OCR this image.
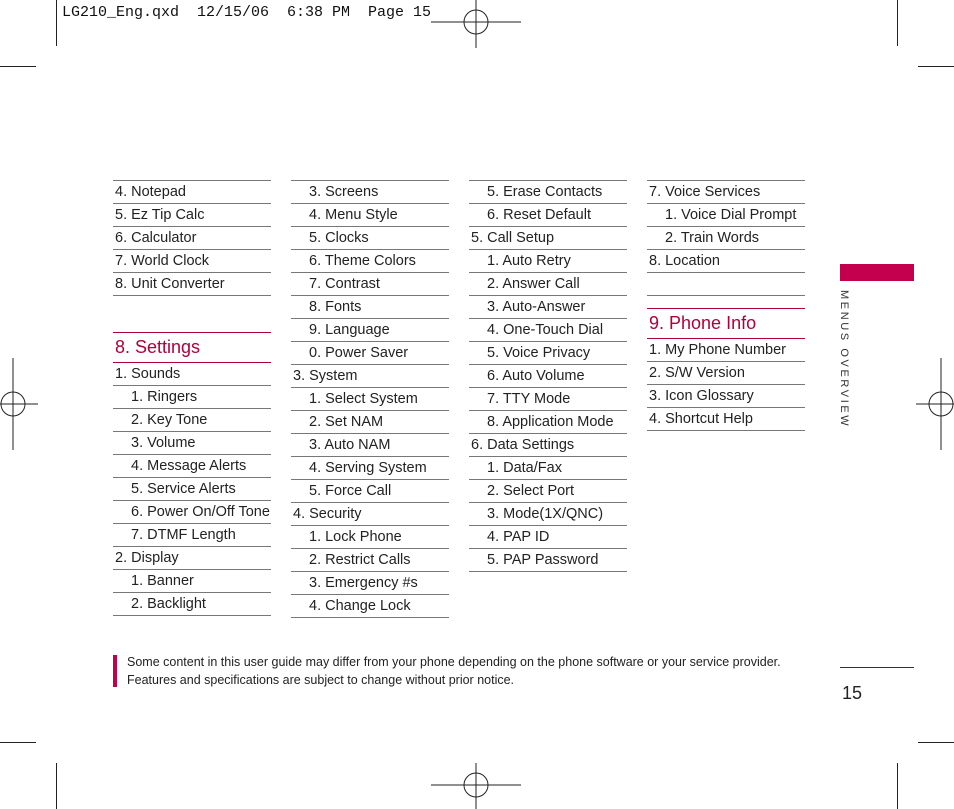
LG210_Eng.qxd  12/15/06  6:38 PM  Page 15
4. Notepad
5. Ez Tip Calc
6. Calculator
7. World Clock
8. Unit Converter
8. Settings
1. Sounds
1. Ringers
2. Key Tone
3. Volume
4. Message Alerts
5. Service Alerts
6. Power On/Off Tone
7. DTMF Length
2. Display
1. Banner
2. Backlight
3. Screens
4. Menu Style
5. Clocks
6. Theme Colors
7. Contrast
8. Fonts
9. Language
0. Power Saver
3. System
1. Select System
2. Set NAM
3. Auto NAM
4. Serving System
5. Force Call
4. Security
1. Lock Phone
2. Restrict Calls
3. Emergency #s
4. Change Lock
5. Erase Contacts
6. Reset Default
5. Call Setup
1. Auto Retry
2. Answer Call
3. Auto-Answer
4. One-Touch Dial
5. Voice Privacy
6. Auto Volume
7. TTY Mode
8. Application Mode
6. Data Settings
1. Data/Fax
2. Select Port
3. Mode(1X/QNC)
4. PAP ID
5. PAP Password
7. Voice Services
1. Voice Dial Prompt
2. Train Words
8. Location
9. Phone Info
1. My Phone Number
2. S/W Version
3. Icon Glossary
4. Shortcut Help	MENUS OVERVIEW
Some content in this user guide may differ from your phone depending on the phone software or your service provider.
Features and specifications are subject to change without prior notice.
15
